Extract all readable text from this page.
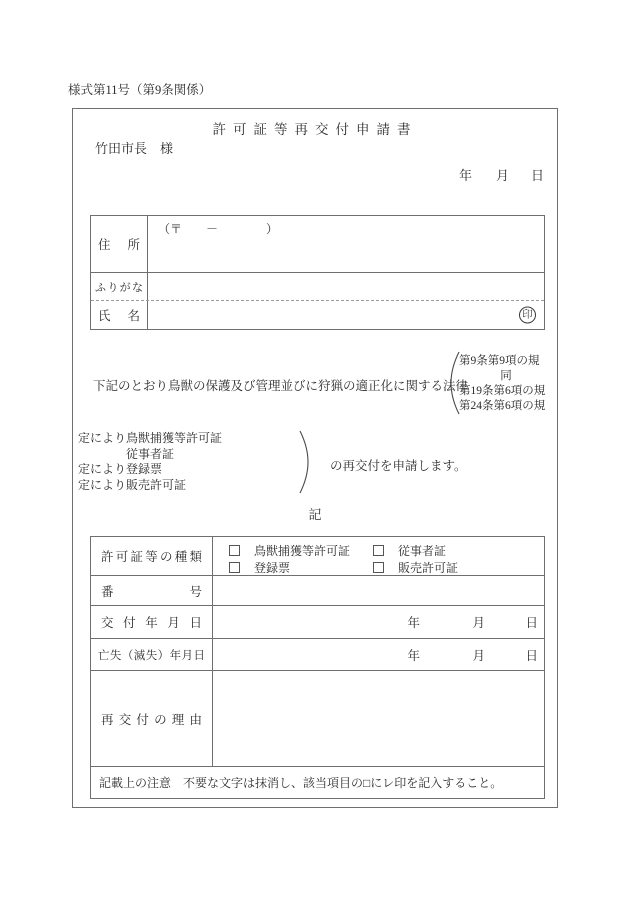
様式第11号（第9条関係）
許可証等再交付申請書
竹田市長　様
年 月 日
住所
（〒　　－　　　　）
ふりがな
氏名	印
下記のとおり鳥獣の保護及び管理並びに狩猟の適正化に関する法律
第9条第9項の規
同
第19条第6項の規
第24条第6項の規
定により鳥獣捕獲等許可証
従事者証
定により登録票
定により販売許可証
の再交付を申請します。
記
許可証等の種類	鳥獣捕獲等許可証	従事者証
登録票	販売許可証
番号
交付年月日	年	月	日
亡失（滅失）年月日	年	月	日
再交付の理由
記載上の注意　不要な文字は抹消し、該当項目の□にレ印を記入すること。
